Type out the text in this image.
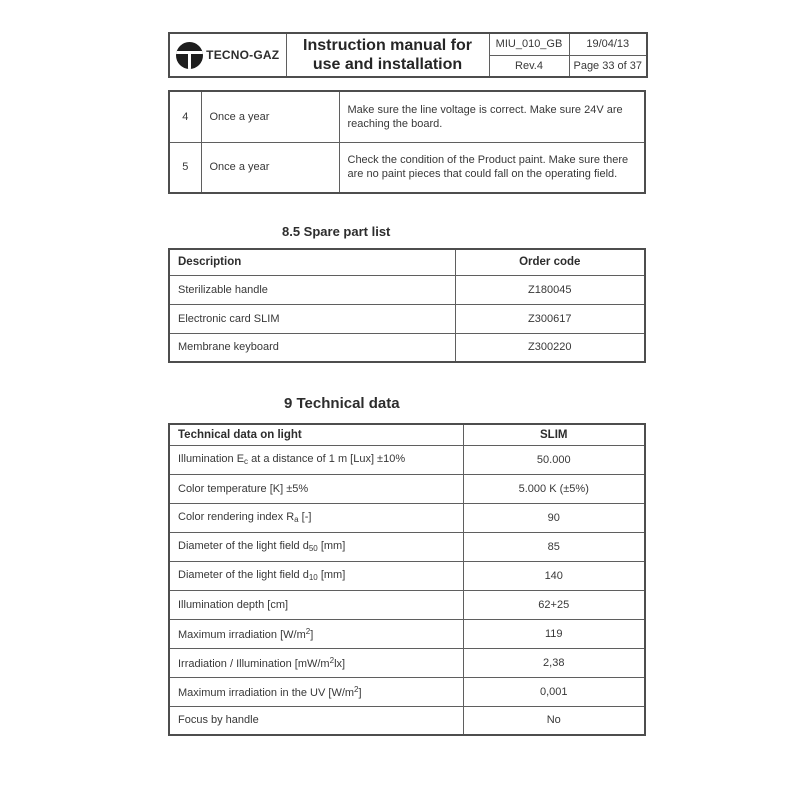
TECNO-GAZ	Instruction manual for
use and installation	MIU_010_GB	19/04/13
		Rev.4	Page 33 of 37
4	Once a year	Make sure the line voltage is correct. Make sure 24V are reaching the board.
5	Once a year	Check the condition of the Product paint. Make sure there are no paint pieces that could fall on the operating field.
8.5 Spare part list
Description	Order code
Sterilizable handle	Z180045
Electronic card SLIM	Z300617
Membrane keyboard	Z300220
9 Technical data
Technical data on light	SLIM
Illumination $E_c$ at a distance of 1 m [Lux] ±10%	50.000
Color temperature [K] ±5%	5.000 K (±5%)
Color rendering index $R_a$ [-]	90
Diameter of the light field $d_{50}$ [mm]	85
Diameter of the light field $d_{10}$ [mm]	140
Illumination depth [cm]	62+25
Maximum irradiation $[W/m^2]$	119
Irradiation / Illumination $[mW/m^2lx]$	2,38
Maximum irradiation in the UV $[W/m^2]$	0,001
Focus by handle	No
